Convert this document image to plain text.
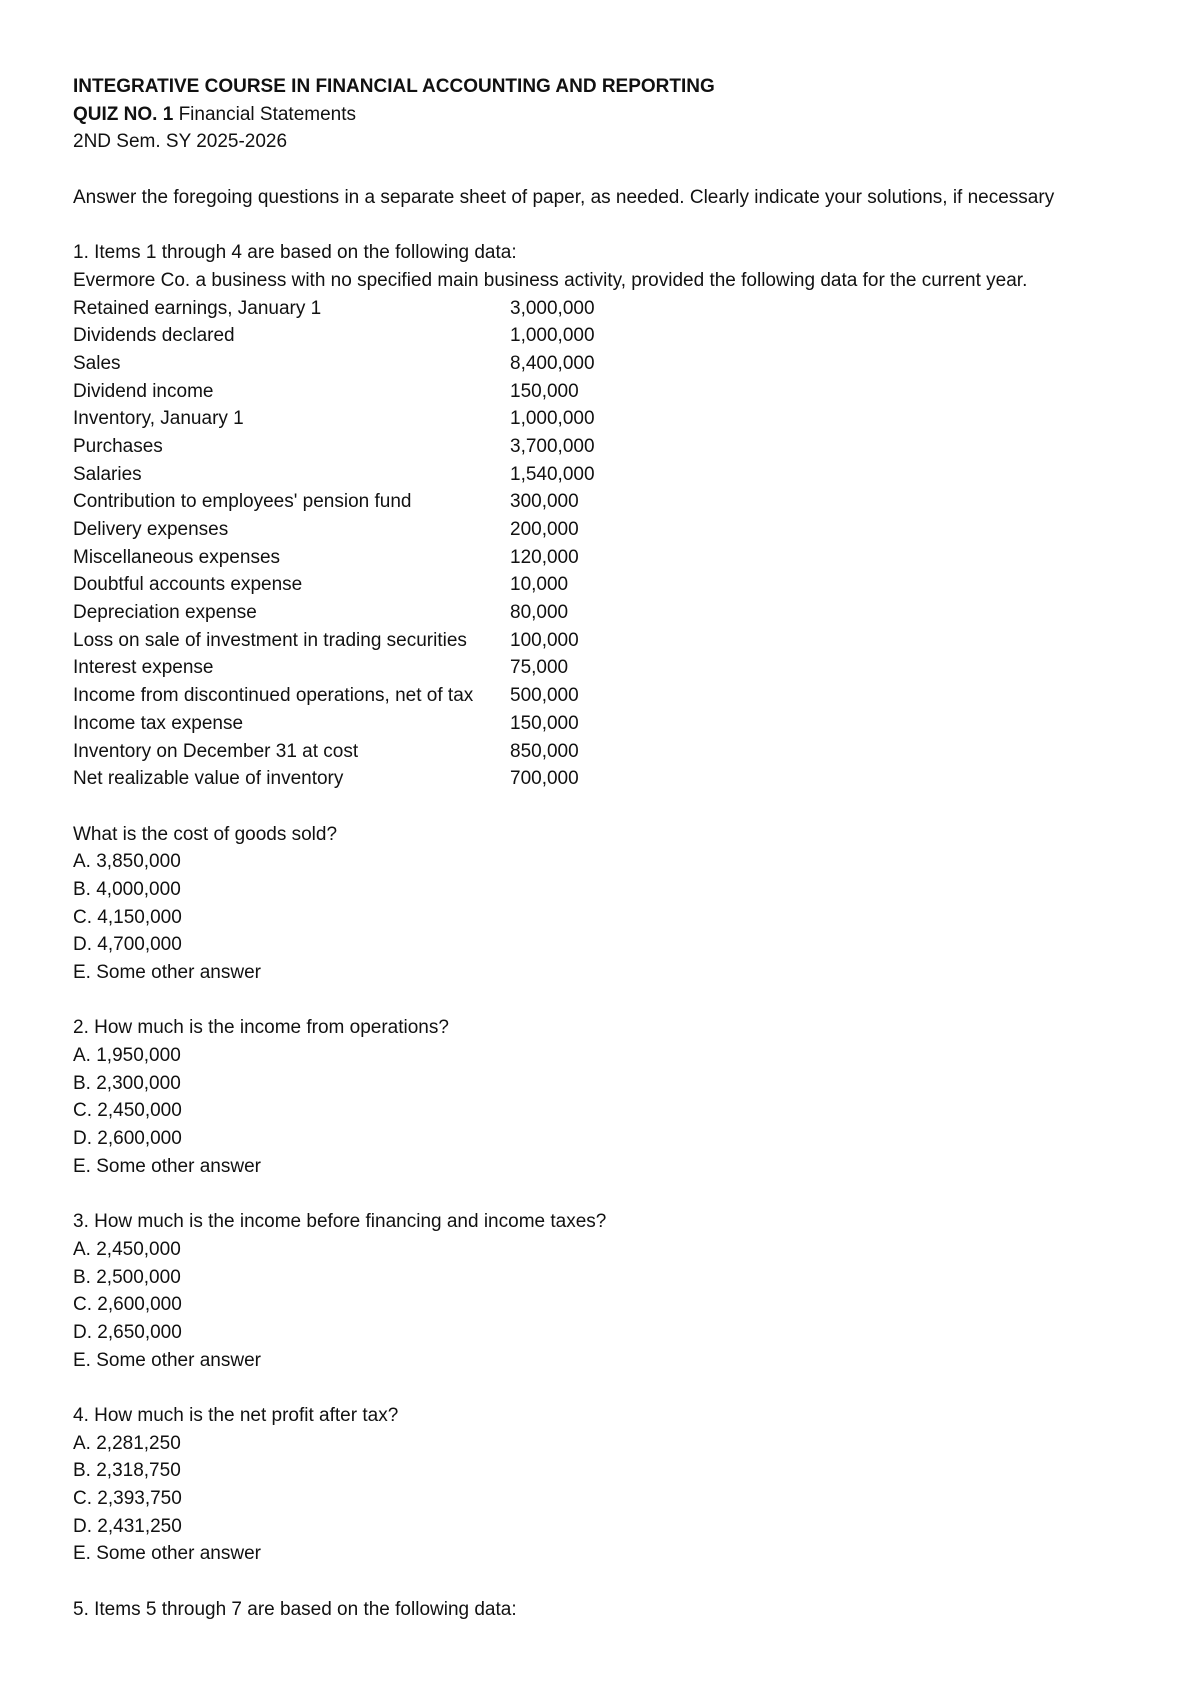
INTEGRATIVE COURSE IN FINANCIAL ACCOUNTING AND REPORTING
QUIZ NO. 1 Financial Statements
2ND Sem. SY 2025-2026
Answer the foregoing questions in a separate sheet of paper, as needed. Clearly indicate your solutions, if necessary
1. Items 1 through 4 are based on the following data:
Evermore Co. a business with no specified main business activity, provided the following data for the current year.
Retained earnings, January 1	3,000,000
Dividends declared	1,000,000
Sales	8,400,000
Dividend income	150,000
Inventory, January 1	1,000,000
Purchases	3,700,000
Salaries	1,540,000
Contribution to employees' pension fund	300,000
Delivery expenses	200,000
Miscellaneous expenses	120,000
Doubtful accounts expense	10,000
Depreciation expense	80,000
Loss on sale of investment in trading securities	100,000
Interest expense	75,000
Income from discontinued operations, net of tax	500,000
Income tax expense	150,000
Inventory on December 31 at cost	850,000
Net realizable value of inventory	700,000
What is the cost of goods sold?
A. 3,850,000
B. 4,000,000
C. 4,150,000
D. 4,700,000
E. Some other answer
2. How much is the income from operations?
A. 1,950,000
B. 2,300,000
C. 2,450,000
D. 2,600,000
E. Some other answer
3. How much is the income before financing and income taxes?
A. 2,450,000
B. 2,500,000
C. 2,600,000
D. 2,650,000
E. Some other answer
4. How much is the net profit after tax?
A. 2,281,250
B. 2,318,750
C. 2,393,750
D. 2,431,250
E. Some other answer
5. Items 5 through 7 are based on the following data:
